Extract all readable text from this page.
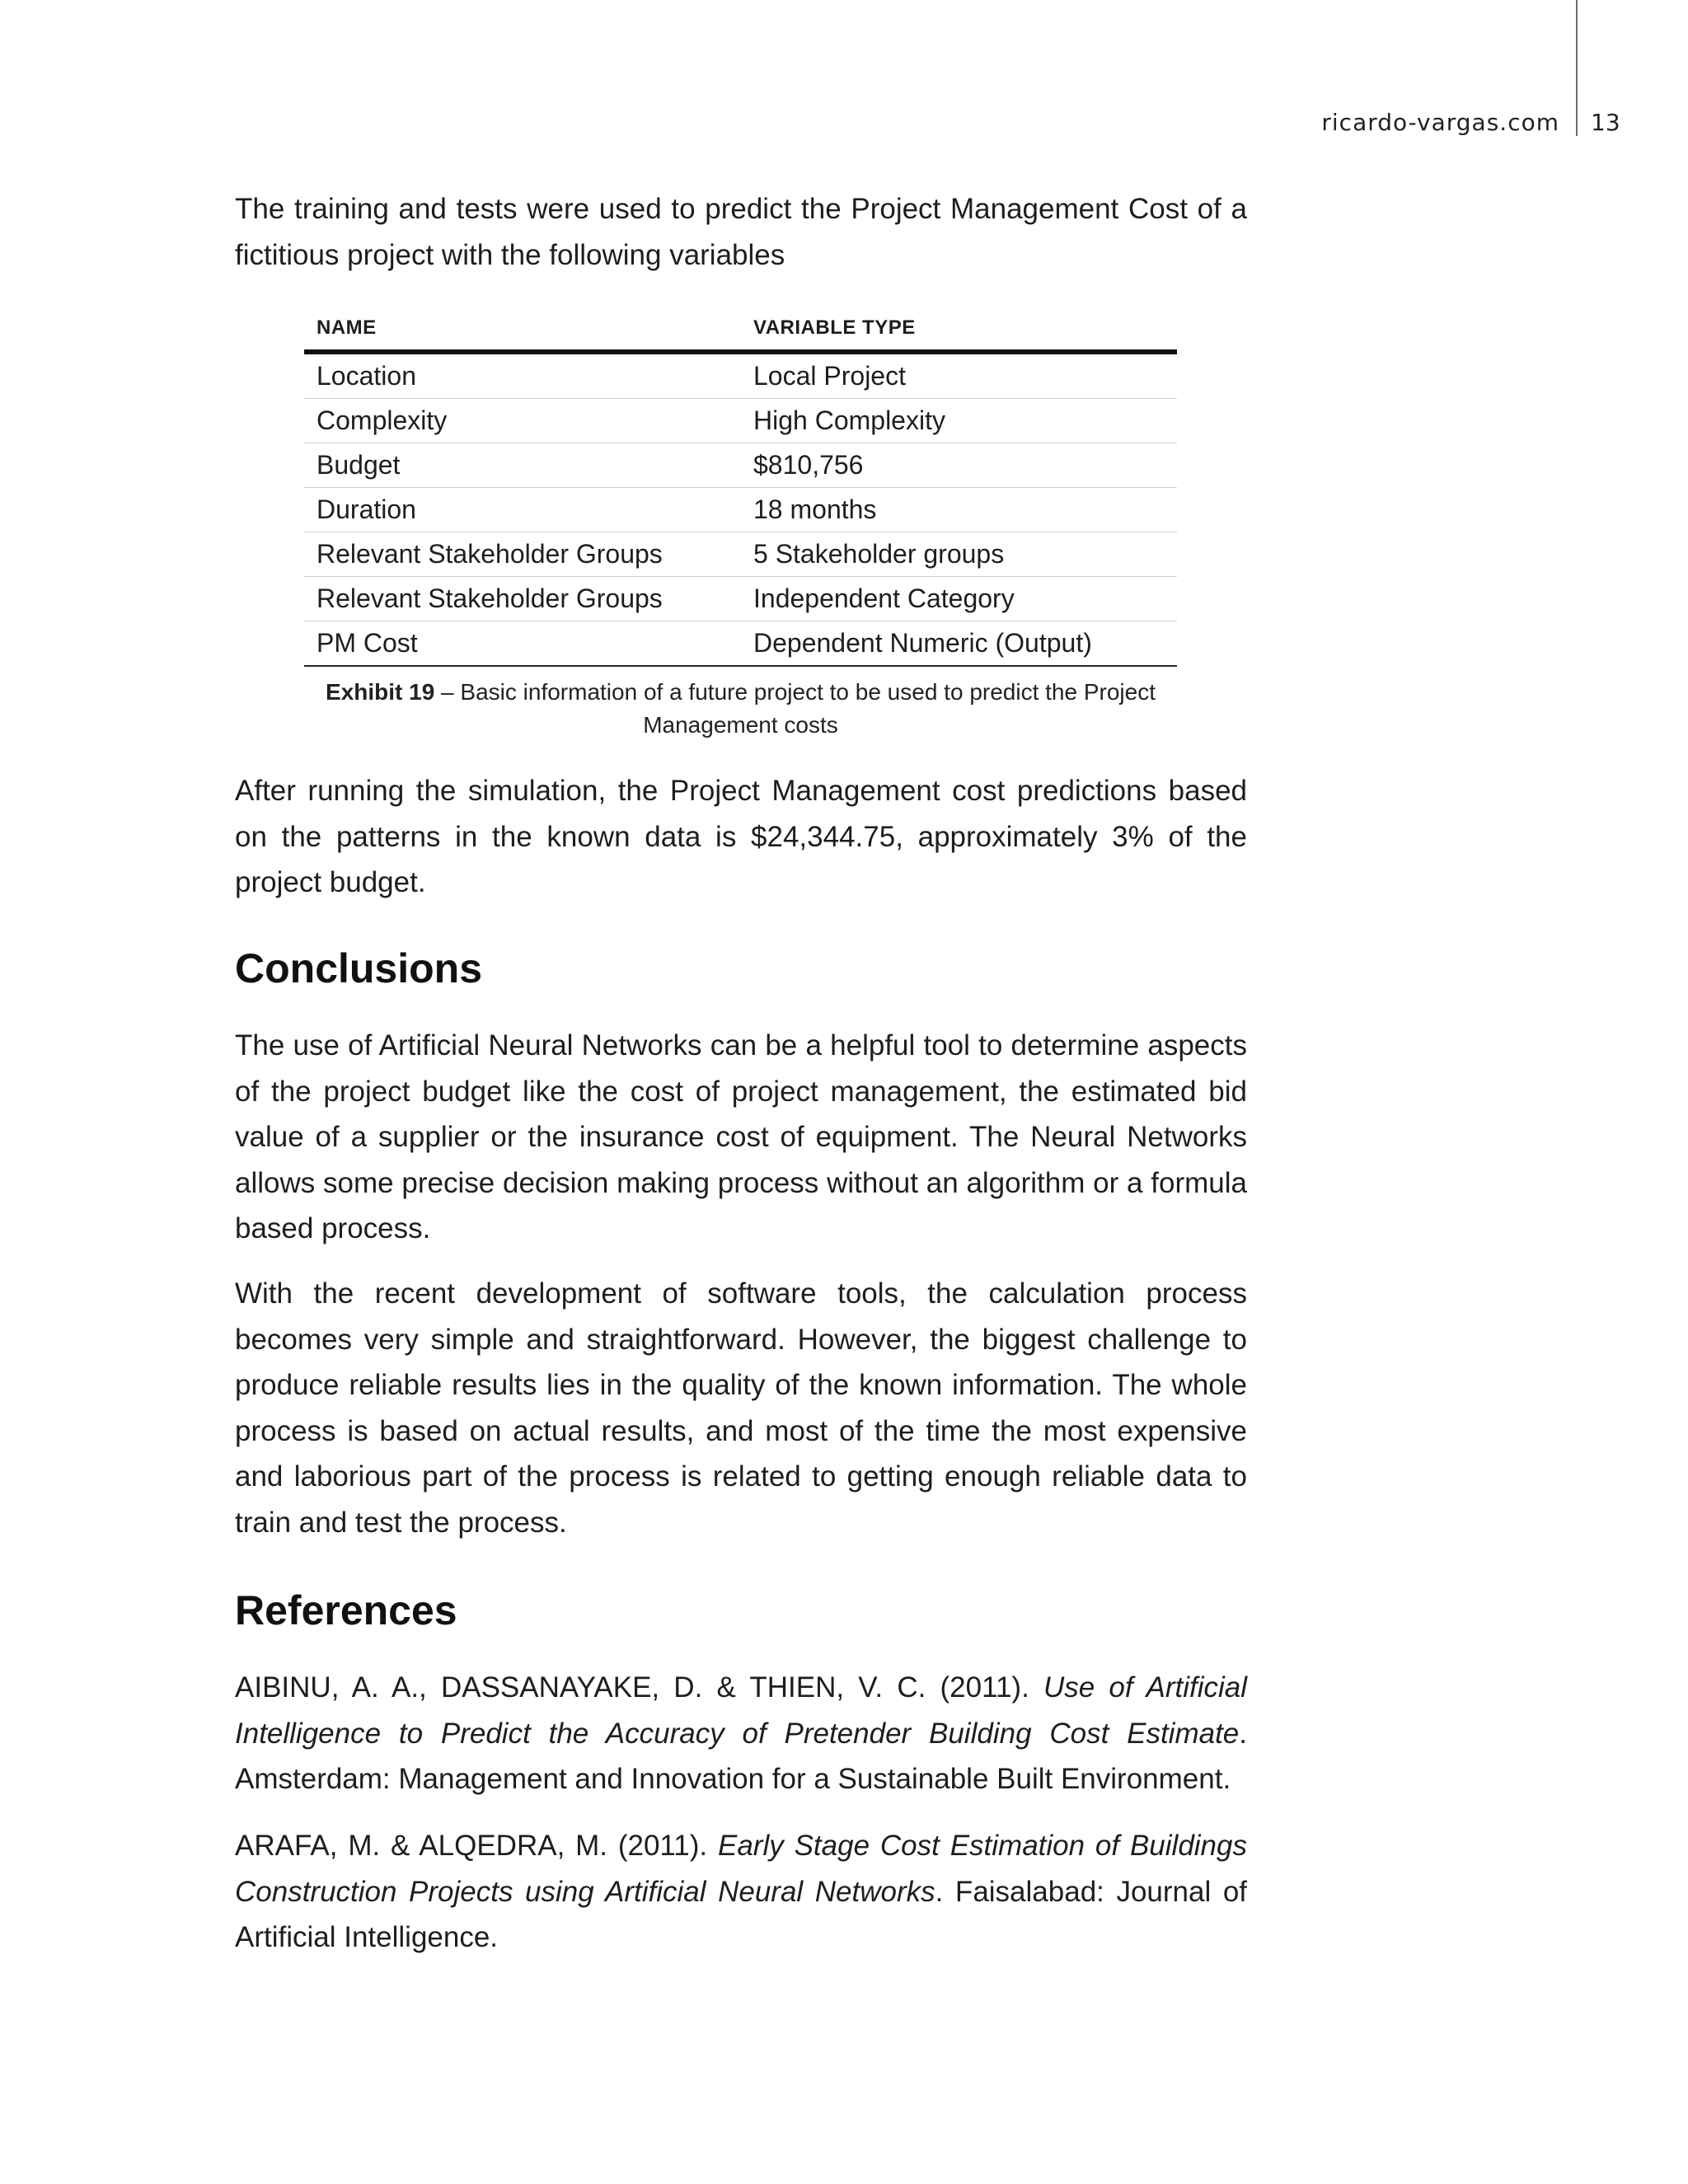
ricardo-vargas.com 13

The training and tests were used to predict the Project Management Cost of a fictitious project with the following variables

NAME	VARIABLE TYPE
Location	Local Project
Complexity	High Complexity
Budget	$810,756
Duration	18 months
Relevant Stakeholder Groups	5 Stakeholder groups
Relevant Stakeholder Groups	Independent Category
PM Cost	Dependent Numeric (Output)
Exhibit 19 – Basic information of a future project to be used to predict the Project Management costs

After running the simulation, the Project Management cost predictions based on the patterns in the known data is $24,344.75, approximately 3% of the project budget.

Conclusions

The use of Artificial Neural Networks can be a helpful tool to determine aspects of the project budget like the cost of project management, the estimated bid value of a supplier or the insurance cost of equipment. The Neural Networks allows some precise decision making process without an algorithm or a formula based process.

With the recent development of software tools, the calculation process becomes very simple and straightforward. However, the biggest challenge to produce reliable results lies in the quality of the known information. The whole process is based on actual results, and most of the time the most expensive and laborious part of the process is related to getting enough reliable data to train and test the process.

References

AIBINU, A. A., DASSANAYAKE, D. & THIEN, V. C. (2011). Use of Artificial Intelligence to Predict the Accuracy of Pretender Building Cost Estimate. Amsterdam: Management and Innovation for a Sustainable Built Environment.

ARAFA, M. & ALQEDRA, M. (2011). Early Stage Cost Estimation of Buildings Construction Projects using Artificial Neural Networks. Faisalabad: Journal of Artificial Intelligence.
